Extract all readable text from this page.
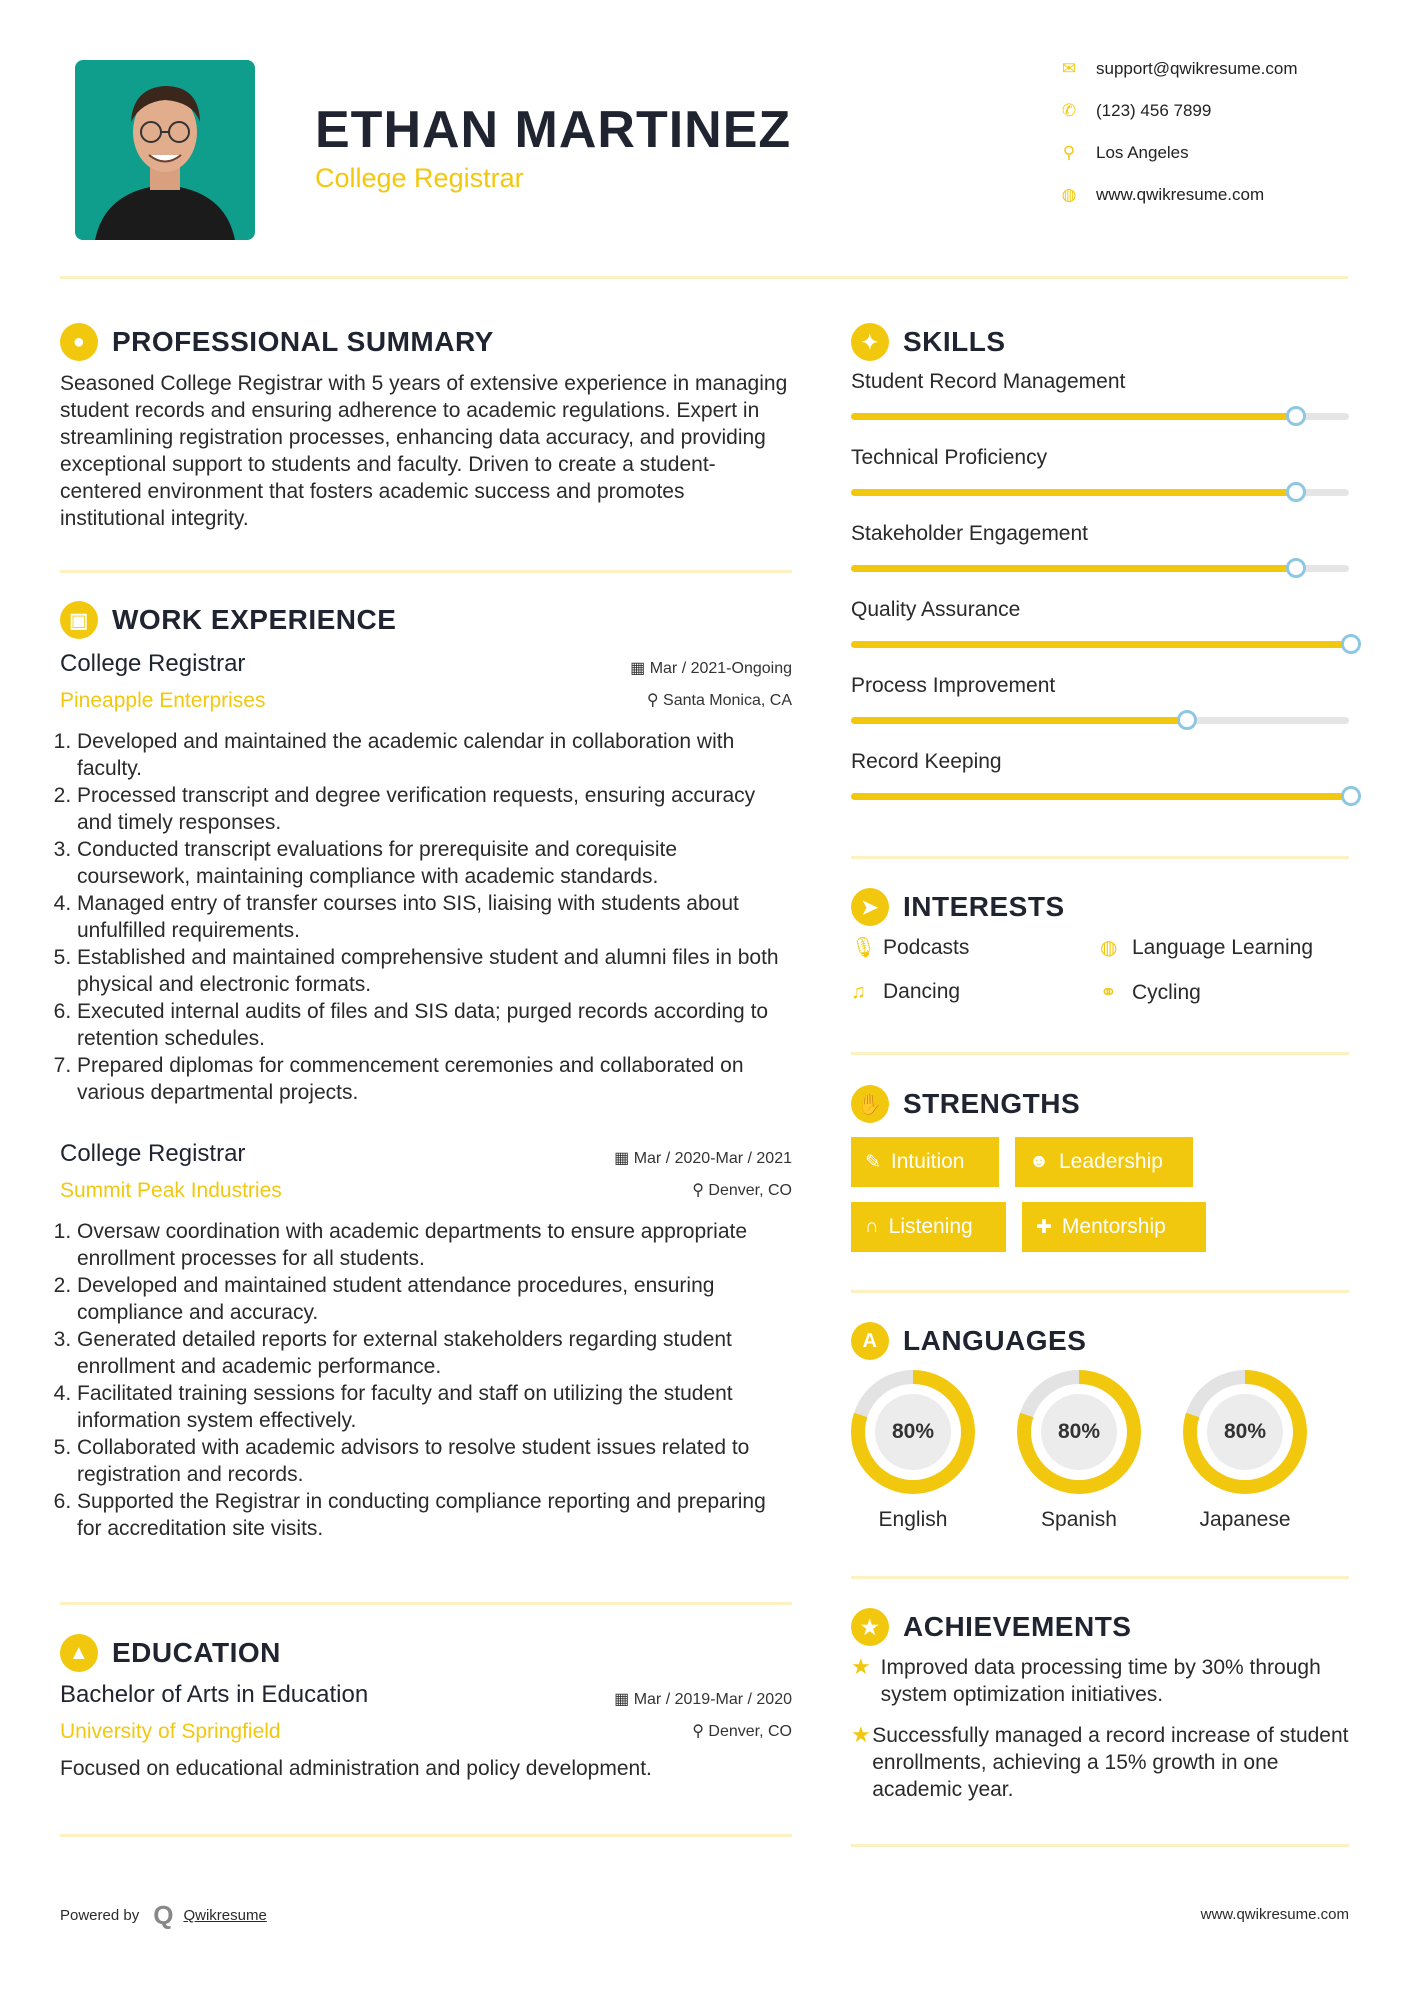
ETHAN MARTINEZ
College Registrar
✉	support@qwikresume.com
✆	(123) 456 7899
⚲	Los Angeles
◍	www.qwikresume.com
● PROFESSIONAL SUMMARY
Seasoned College Registrar with 5 years of extensive experience in managing student records and ensuring adherence to academic regulations. Expert in streamlining registration processes, enhancing data accuracy, and providing exceptional support to students and faculty. Driven to create a student-centered environment that fosters academic success and promotes institutional integrity.
▣ WORK EXPERIENCE
College Registrar	▦ Mar / 2021-Ongoing
Pineapple Enterprises	⚲ Santa Monica, CA
1. Developed and maintained the academic calendar in collaboration with faculty.
2. Processed transcript and degree verification requests, ensuring accuracy and timely responses.
3. Conducted transcript evaluations for prerequisite and corequisite coursework, maintaining compliance with academic standards.
4. Managed entry of transfer courses into SIS, liaising with students about unfulfilled requirements.
5. Established and maintained comprehensive student and alumni files in both physical and electronic formats.
6. Executed internal audits of files and SIS data; purged records according to retention schedules.
7. Prepared diplomas for commencement ceremonies and collaborated on various departmental projects.
College Registrar	▦ Mar / 2020-Mar / 2021
Summit Peak Industries	⚲ Denver, CO
1. Oversaw coordination with academic departments to ensure appropriate enrollment processes for all students.
2. Developed and maintained student attendance procedures, ensuring compliance and accuracy.
3. Generated detailed reports for external stakeholders regarding student enrollment and academic performance.
4. Facilitated training sessions for faculty and staff on utilizing the student information system effectively.
5. Collaborated with academic advisors to resolve student issues related to registration and records.
6. Supported the Registrar in conducting compliance reporting and preparing for accreditation site visits.
▲ EDUCATION
Bachelor of Arts in Education	▦ Mar / 2019-Mar / 2020
University of Springfield	⚲ Denver, CO
Focused on educational administration and policy development.
✦ SKILLS
Student Record Management
Technical Proficiency
Stakeholder Engagement
Quality Assurance
Process Improvement
Record Keeping
➤ INTERESTS
🎙 Podcasts	◍ Language Learning
♫ Dancing	⚭ Cycling
✋ STRENGTHS
✎ Intuition	☻ Leadership
∩ Listening	✚ Mentorship
A LANGUAGES
80%
English
80%
Spanish
80%
Japanese
★ ACHIEVEMENTS
★ Improved data processing time by 30% through system optimization initiatives.
★ Successfully managed a record increase of student enrollments, achieving a 15% growth in one academic year.
Powered by Q Qwikresume	www.qwikresume.com
